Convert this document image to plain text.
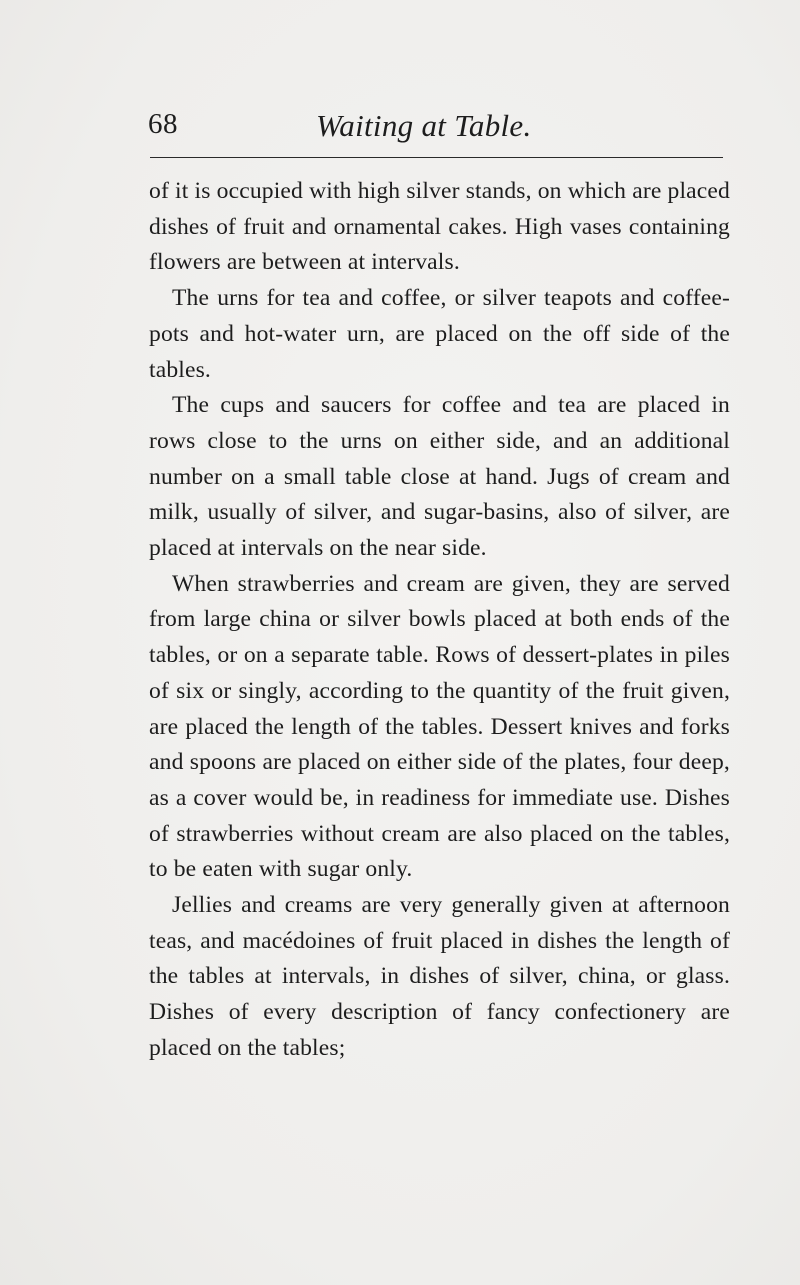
68	Waiting at Table.

of it is occupied with high silver stands, on which are placed dishes of fruit and ornamental cakes. High vases containing flowers are between at intervals.

The urns for tea and coffee, or silver teapots and coffee-pots and hot-water urn, are placed on the off side of the tables.

The cups and saucers for coffee and tea are placed in rows close to the urns on either side, and an additional number on a small table close at hand. Jugs of cream and milk, usually of silver, and sugar-basins, also of silver, are placed at intervals on the near side.

When strawberries and cream are given, they are served from large china or silver bowls placed at both ends of the tables, or on a separate table. Rows of dessert-plates in piles of six or singly, according to the quantity of the fruit given, are placed the length of the tables. Dessert knives and forks and spoons are placed on either side of the plates, four deep, as a cover would be, in readiness for immediate use. Dishes of strawberries without cream are also placed on the tables, to be eaten with sugar only.

Jellies and creams are very generally given at afternoon teas, and macédoines of fruit placed in dishes the length of the tables at intervals, in dishes of silver, china, or glass. Dishes of every description of fancy confectionery are placed on the tables;
